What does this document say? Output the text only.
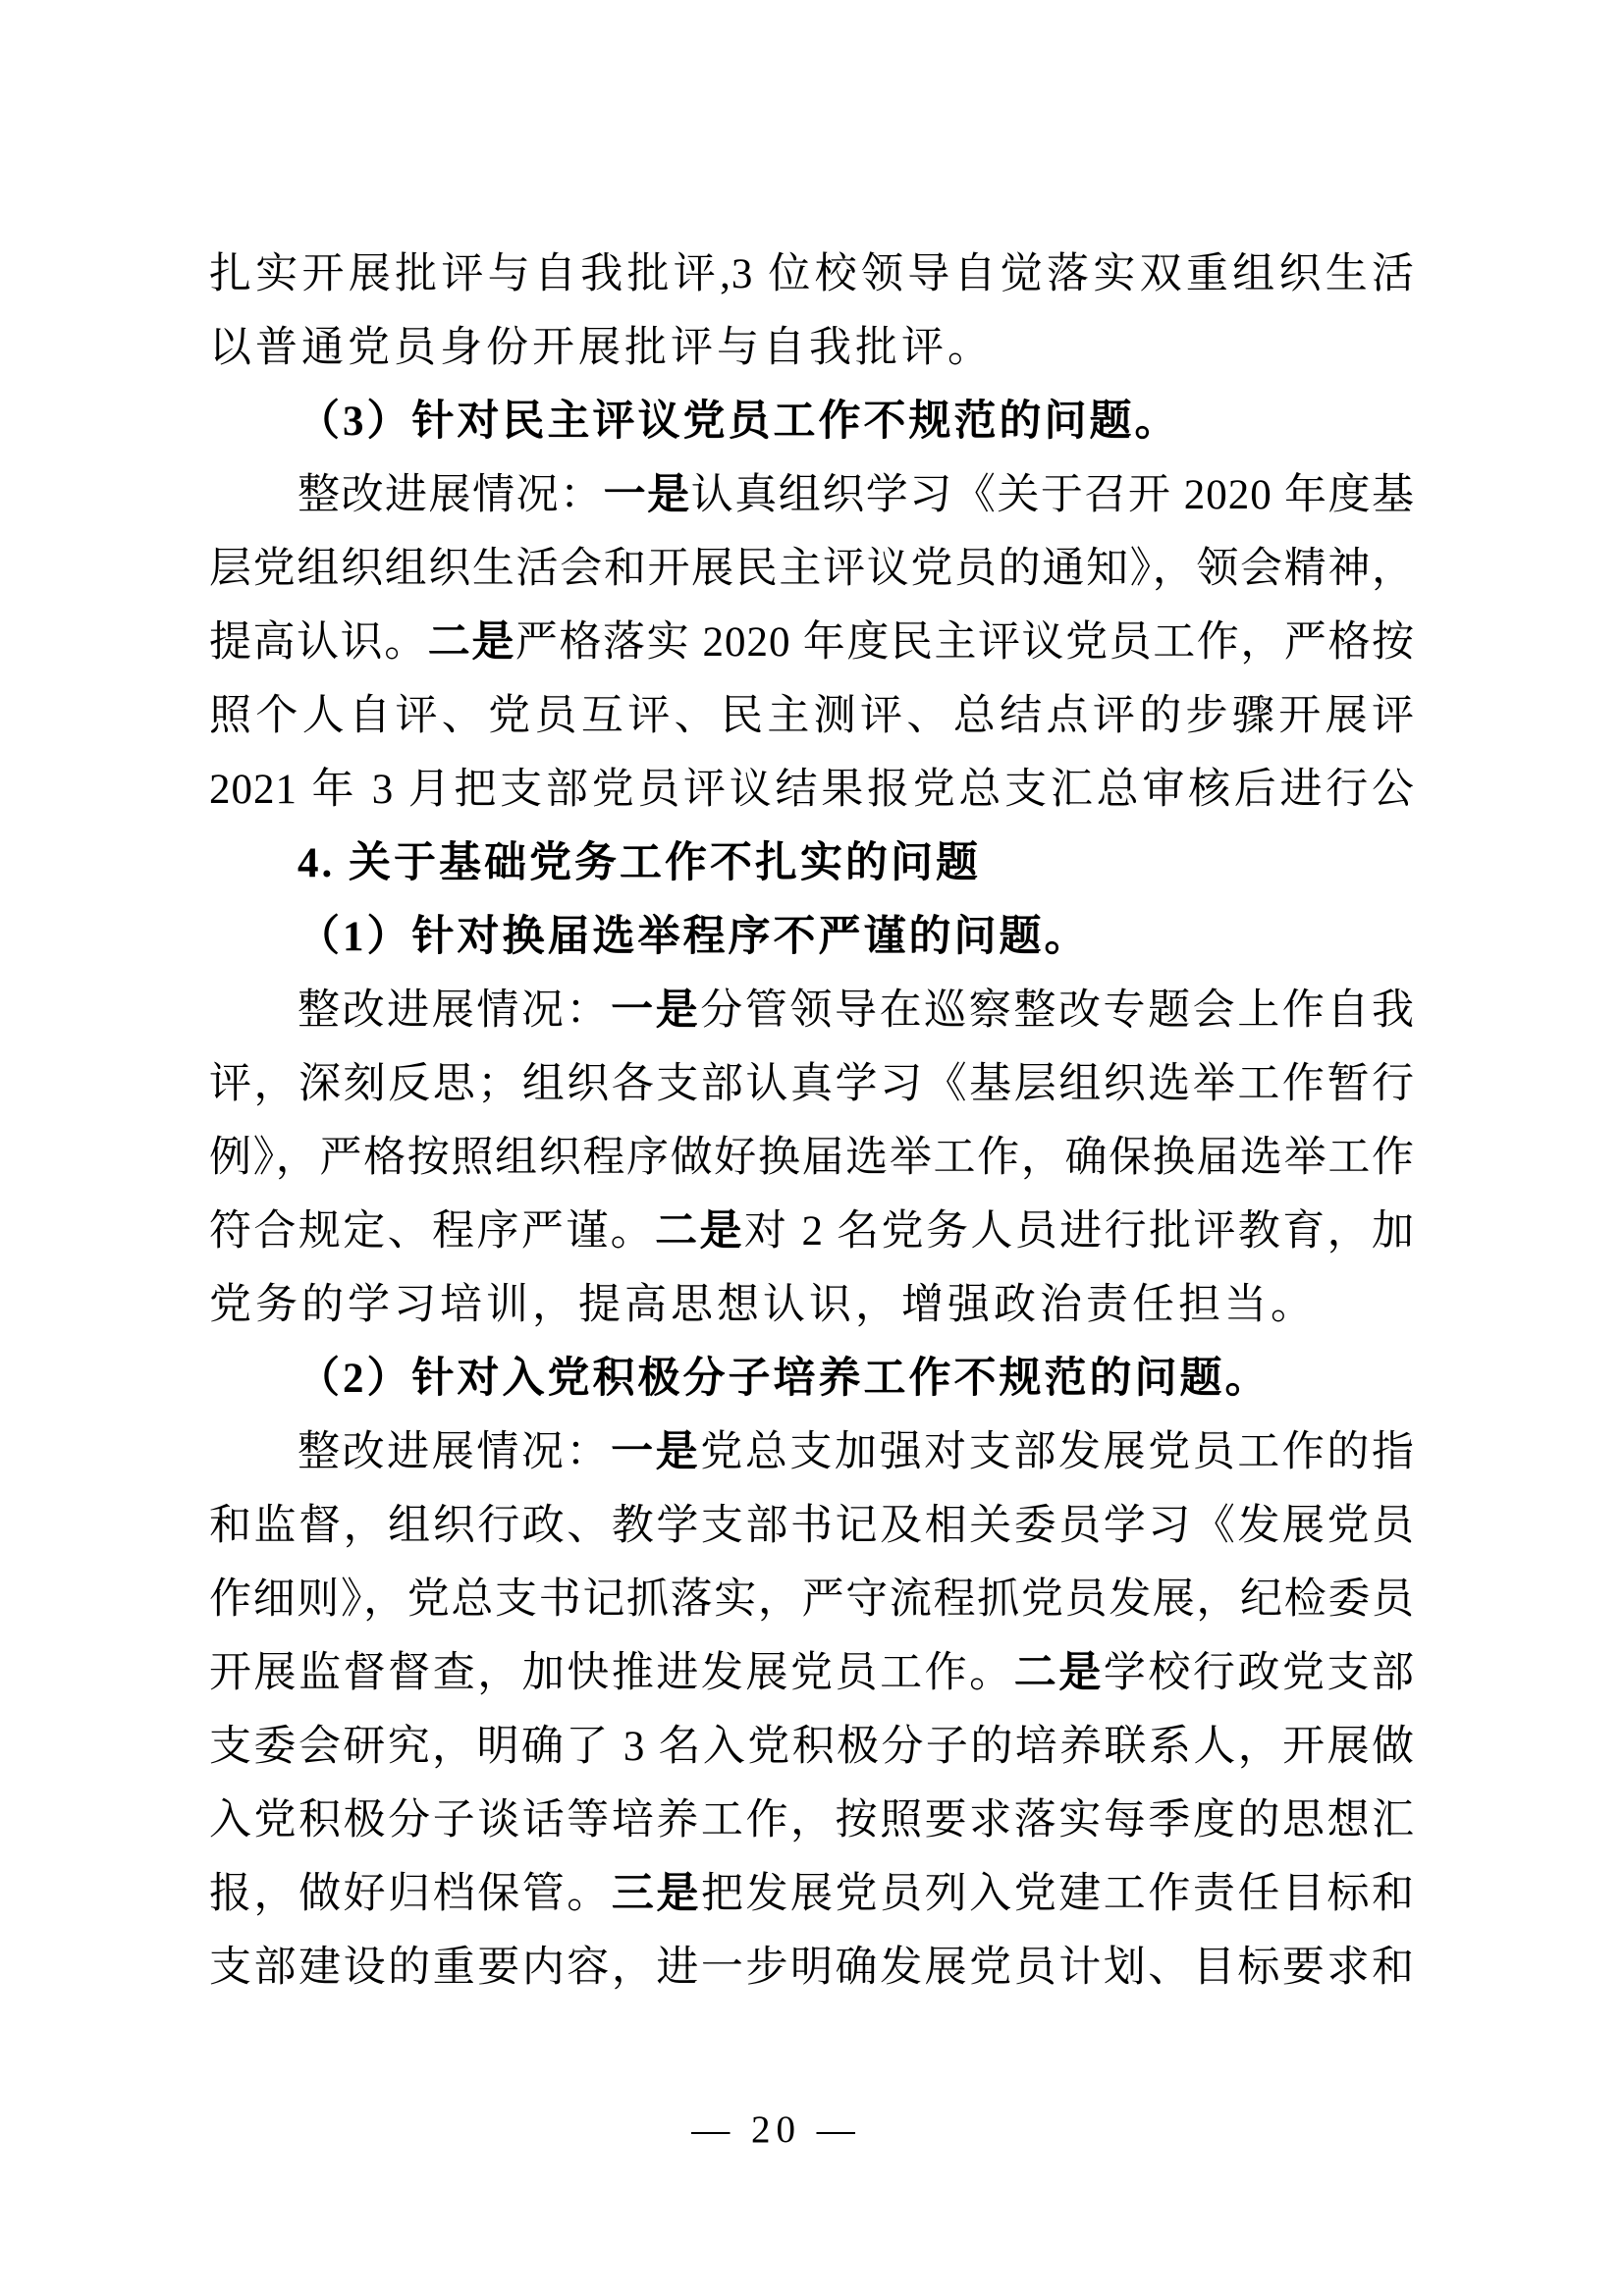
扎实开展批评与自我批评,3 位校领导自觉落实双重组织生活
以普通党员身份开展批评与自我批评。
（3）针对民主评议党员工作不规范的问题。
整改进展情况：一是认真组织学习《关于召开 2020 年度基
层党组织组织生活会和开展民主评议党员的通知》，领会精神，
提高认识。二是严格落实 2020 年度民主评议党员工作，严格按
照个人自评、党员互评、民主测评、总结点评的步骤开展评
2021 年 3 月把支部党员评议结果报党总支汇总审核后进行公
4. 关于基础党务工作不扎实的问题
（1）针对换届选举程序不严谨的问题。
整改进展情况：一是分管领导在巡察整改专题会上作自我
评，深刻反思；组织各支部认真学习《基层组织选举工作暂行
例》，严格按照组织程序做好换届选举工作，确保换届选举工作
符合规定、程序严谨。二是对 2 名党务人员进行批评教育，加
党务的学习培训，提高思想认识，增强政治责任担当。
（2）针对入党积极分子培养工作不规范的问题。
整改进展情况：一是党总支加强对支部发展党员工作的指
和监督，组织行政、教学支部书记及相关委员学习《发展党员
作细则》，党总支书记抓落实，严守流程抓党员发展，纪检委员
开展监督督查，加快推进发展党员工作。二是学校行政党支部
支委会研究，明确了 3 名入党积极分子的培养联系人，开展做
入党积极分子谈话等培养工作，按照要求落实每季度的思想汇
报，做好归档保管。三是把发展党员列入党建工作责任目标和
支部建设的重要内容，进一步明确发展党员计划、目标要求和
— 20 —
